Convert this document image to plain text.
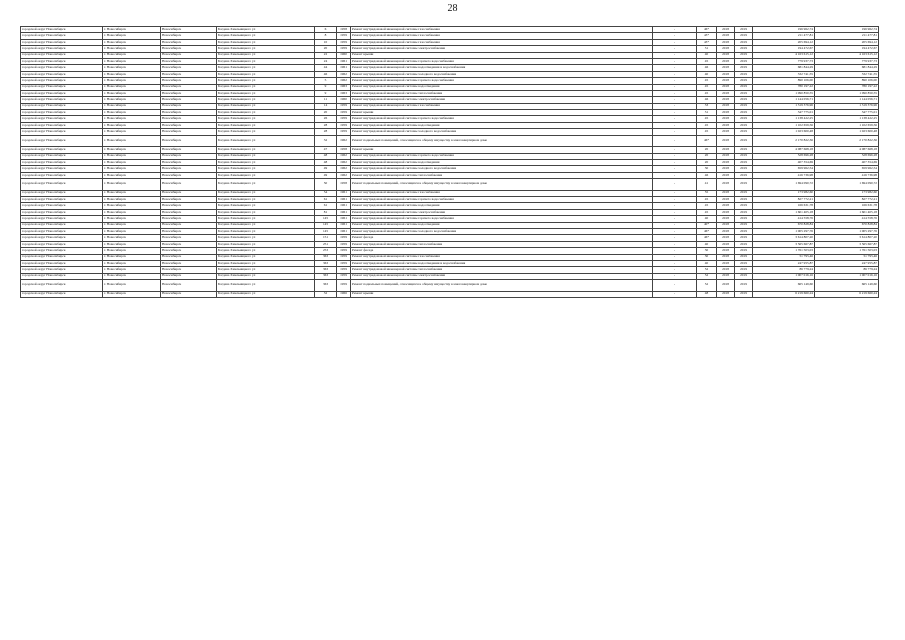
28
городской округ Новосибирск	г. Новосибирск	Новосибирск	Богдана Хмельницкого ул	6	1958	Ремонт внутридомовой инженерной системы газоснабжения	-	46*	2018	2019	196 962,74	196 962,74
городской округ Новосибирск	г. Новосибирск	Новосибирск	Богдана Хмельницкого ул	8	1959	Ремонт внутридомовой инженерной системы газоснабжения	-	43*	2018	2019	211 477,81	211 477,81
городской округ Новосибирск	г. Новосибирск	Новосибирск	Богдана Хмельницкого ул	10	1959	Ремонт внутридомовой инженерной системы газоснабжения	-	43*	2018	2019	205 694,12	205 694,12
городской округ Новосибирск	г. Новосибирск	Новосибирск	Богдана Хмельницкого ул	20	1959	Ремонт внутридомовой инженерной системы электроснабжения	-	31	2018	2019	194 472,67	194 472,67
городской округ Новосибирск	г. Новосибирск	Новосибирск	Богдана Хмельницкого ул	22	1960	Ремонт крыши	-	40	2018	2019	4 163 615,12	4 163 615,12
городской округ Новосибирск	г. Новосибирск	Новосибирск	Богдана Хмельницкого ул	24	1961	Ремонт внутридомовой инженерной системы горячего водоснабжения	-	45	2018	2019	779 937,73	779 937,73
городской округ Новосибирск	г. Новосибирск	Новосибирск	Богдана Хмельницкого ул	44	1961	Ремонт внутридомовой инженерной системы водоотведения и водоснабжения	-	46	2018	2019	681 844,29	681 844,29
городской округ Новосибирск	г. Новосибирск	Новосибирск	Богдана Хмельницкого ул	46	1962	Ремонт внутридомовой инженерной системы холодного водоснабжения	-	40	2018	2019	332 741,55	332 741,55
городской округ Новосибирск	г. Новосибирск	Новосибирск	Богдана Хмельницкого ул	5	1962	Ремонт внутридомовой инженерной системы горячего водоснабжения	-	45	2018	2019	890 106,00	890 106,00
городской округ Новосибирск	г. Новосибирск	Новосибирск	Богдана Хмельницкого ул	9	1963	Ремонт внутридомовой инженерной системы водоотведения	-	45	2018	2019	780 197,22	780 197,22
городской округ Новосибирск	г. Новосибирск	Новосибирск	Богдана Хмельницкого ул	9	1963	Ремонт внутридомовой инженерной системы теплоснабжения	-	45	2018	2019	1 090 850,55	1 090 850,55
городской округ Новосибирск	г. Новосибирск	Новосибирск	Богдана Хмельницкого ул	11	1960	Ремонт внутридомовой инженерной системы электроснабжения	-	46	2018	2019	1 144 056,71	1 144 056,71
городской округ Новосибирск	г. Новосибирск	Новосибирск	Богдана Хмельницкого ул	14	1959	Ремонт внутридомовой инженерной системы газоснабжения	-	33	2018	2019	1 319 376,96	1 319 376,96
городской округ Новосибирск	г. Новосибирск	Новосибирск	Богдана Хмельницкого ул	20	1959	Ремонт крыши	-	31	2018	2019	347 775,01	347 775,01
городской округ Новосибирск	г. Новосибирск	Новосибирск	Богдана Хмельницкого ул	26	1959	Ремонт внутридомовой инженерной системы горячего водоснабжения	-	45	2018	2019	1 138 422,25	1 138 422,25
городской округ Новосибирск	г. Новосибирск	Новосибирск	Богдана Хмельницкого ул	28	1959	Ремонт внутридомовой инженерной системы водоотведения	-	45	2018	2019	1 102 659,56	1 102 659,56
городской округ Новосибирск	г. Новосибирск	Новосибирск	Богдана Хмельницкого ул	28	1959	Ремонт внутридомовой инженерной системы холодного водоснабжения	-	45	2018	2019	1 023 600,48	1 023 600,48
городской округ Новосибирск	г. Новосибирск	Новосибирск	Богдана Хмельницкого ул	32	1962	Ремонт подвальных помещений, относящихся к общему имуществу в многоквартирном доме	-	46*	2018	2019	2 170 822,36	2 170 822,36
городской округ Новосибирск	г. Новосибирск	Новосибирск	Богдана Хмельницкого ул	47	1958	Ремонт крыши	-	20	2018	2019	4 087 668,18	4 087 668,18
городской округ Новосибирск	г. Новосибирск	Новосибирск	Богдана Хмельницкого ул	48	1962	Ремонт внутридомовой инженерной системы горячего водоснабжения	-	20	2018	2019	528 696,28	528 696,28
городской округ Новосибирск	г. Новосибирск	Новосибирск	Богдана Хмельницкого ул	48	1962	Ремонт внутридомовой инженерной системы водоотведения	-	20	2018	2019	407 354,69	407 354,69
городской округ Новосибирск	г. Новосибирск	Новосибирск	Богдана Хмельницкого ул	49	1962	Ремонт внутридомовой инженерной системы холодного водоснабжения	-	30	2018	2019	659 962,54	659 962,54
городской округ Новосибирск	г. Новосибирск	Новосибирск	Богдана Хмельницкого ул	49	1962	Ремонт внутридомовой инженерной системы теплоснабжения	-	46	2018	2019	416 736,98	416 736,98
городской округ Новосибирск	г. Новосибирск	Новосибирск	Богдана Хмельницкого ул	50	1958	Ремонт подвальных помещений, относящихся к общему имуществу в многоквартирном доме	-	41	2018	2019	1 694 090,72	1 694 090,72
городской округ Новосибирск	г. Новосибирск	Новосибирск	Богдана Хмельницкого ул	54	1961	Ремонт внутридомовой инженерной системы газоснабжения	-	55	2018	2019	173 982,60	173 982,60
городской округ Новосибирск	г. Новосибирск	Новосибирск	Богдана Хмельницкого ул	61	1961	Ремонт внутридомовой инженерной системы горячего водоснабжения	-	45	2018	2019	827 772,21	827 772,21
городской округ Новосибирск	г. Новосибирск	Новосибирск	Богдана Хмельницкого ул	61	1961	Ремонт внутридомовой инженерной системы водоотведения	-	45	2018	2019	166 631,78	166 631,78
городской округ Новосибирск	г. Новосибирск	Новосибирск	Богдана Хмельницкого ул	81	1961	Ремонт внутридомовой инженерной системы электроснабжения	-	45	2018	2019	1 601 405,18	1 601 405,18
городской округ Новосибирск	г. Новосибирск	Новосибирск	Богдана Хмельницкого ул	145	1961	Ремонт внутридомовой инженерной системы горячего водоснабжения	-	40	2018	2019	414 558,76	414 558,76
городской округ Новосибирск	г. Новосибирск	Новосибирск	Богдана Хмельницкого ул	145	1961	Ремонт внутридомовой инженерной системы водоотведения	-	40*	2018	2019	670 828,84	670 828,84
городской округ Новосибирск	г. Новосибирск	Новосибирск	Богдана Хмельницкого ул	145	1961	Ремонт внутридомовой инженерной системы холодного водоснабжения	-	46*	2018	2019	1 005 297,76	1 005 297,76
городской округ Новосибирск	г. Новосибирск	Новосибирск	Богдана Хмельницкого ул	151	1959	Ремонт фасада	-	46*	2018	2019	3 614 807,20	3 614 807,20
городской округ Новосибирск	г. Новосибирск	Новосибирск	Богдана Хмельницкого ул	251	1959	Ремонт внутридомовой инженерной системы теплоснабжения	-	40	2018	2019	3 565 667,87	3 565 667,87
городской округ Новосибирск	г. Новосибирск	Новосибирск	Богдана Хмельницкого ул	253	1959	Ремонт фасада	-	30	2018	2019	1 761 503,03	1 761 503,03
городской округ Новосибирск	г. Новосибирск	Новосибирск	Богдана Хмельницкого ул	363	1959	Ремонт внутридомовой инженерной системы газоснабжения	-	30	2018	2019	51 795,46	51 795,46
городской округ Новосибирск	г. Новосибирск	Новосибирск	Богдана Хмельницкого ул	363	1959	Ремонт внутридомовой инженерной системы водоотведения и водоснабжения	-	40	2018	2019	247 955,87	247 955,87
городской округ Новосибирск	г. Новосибирск	Новосибирск	Богдана Хмельницкого ул	363	1959	Ремонт внутридомовой инженерной системы теплоснабжения	-	52	2018	2019	86 779,24	86 779,24
городской округ Новосибирск	г. Новосибирск	Новосибирск	Богдана Хмельницкого ул	363	1959	Ремонт внутридомовой инженерной системы электроснабжения	-	52	2018	2019	1 007 016,16	1 007 016,16
городской округ Новосибирск	г. Новосибирск	Новосибирск	Богдана Хмельницкого ул	363	1959	Ремонт подвальных помещений, относящихся к общему имуществу в многоквартирном доме	-	52	2018	2019	665 149,60	665 149,60
городской округ Новосибирск	г. Новосибирск	Новосибирск	Богдана Хмельницкого ул	32	1966	Ремонт крыши	-	48	2018	2019	6 219 660,24	6 219 660,24
